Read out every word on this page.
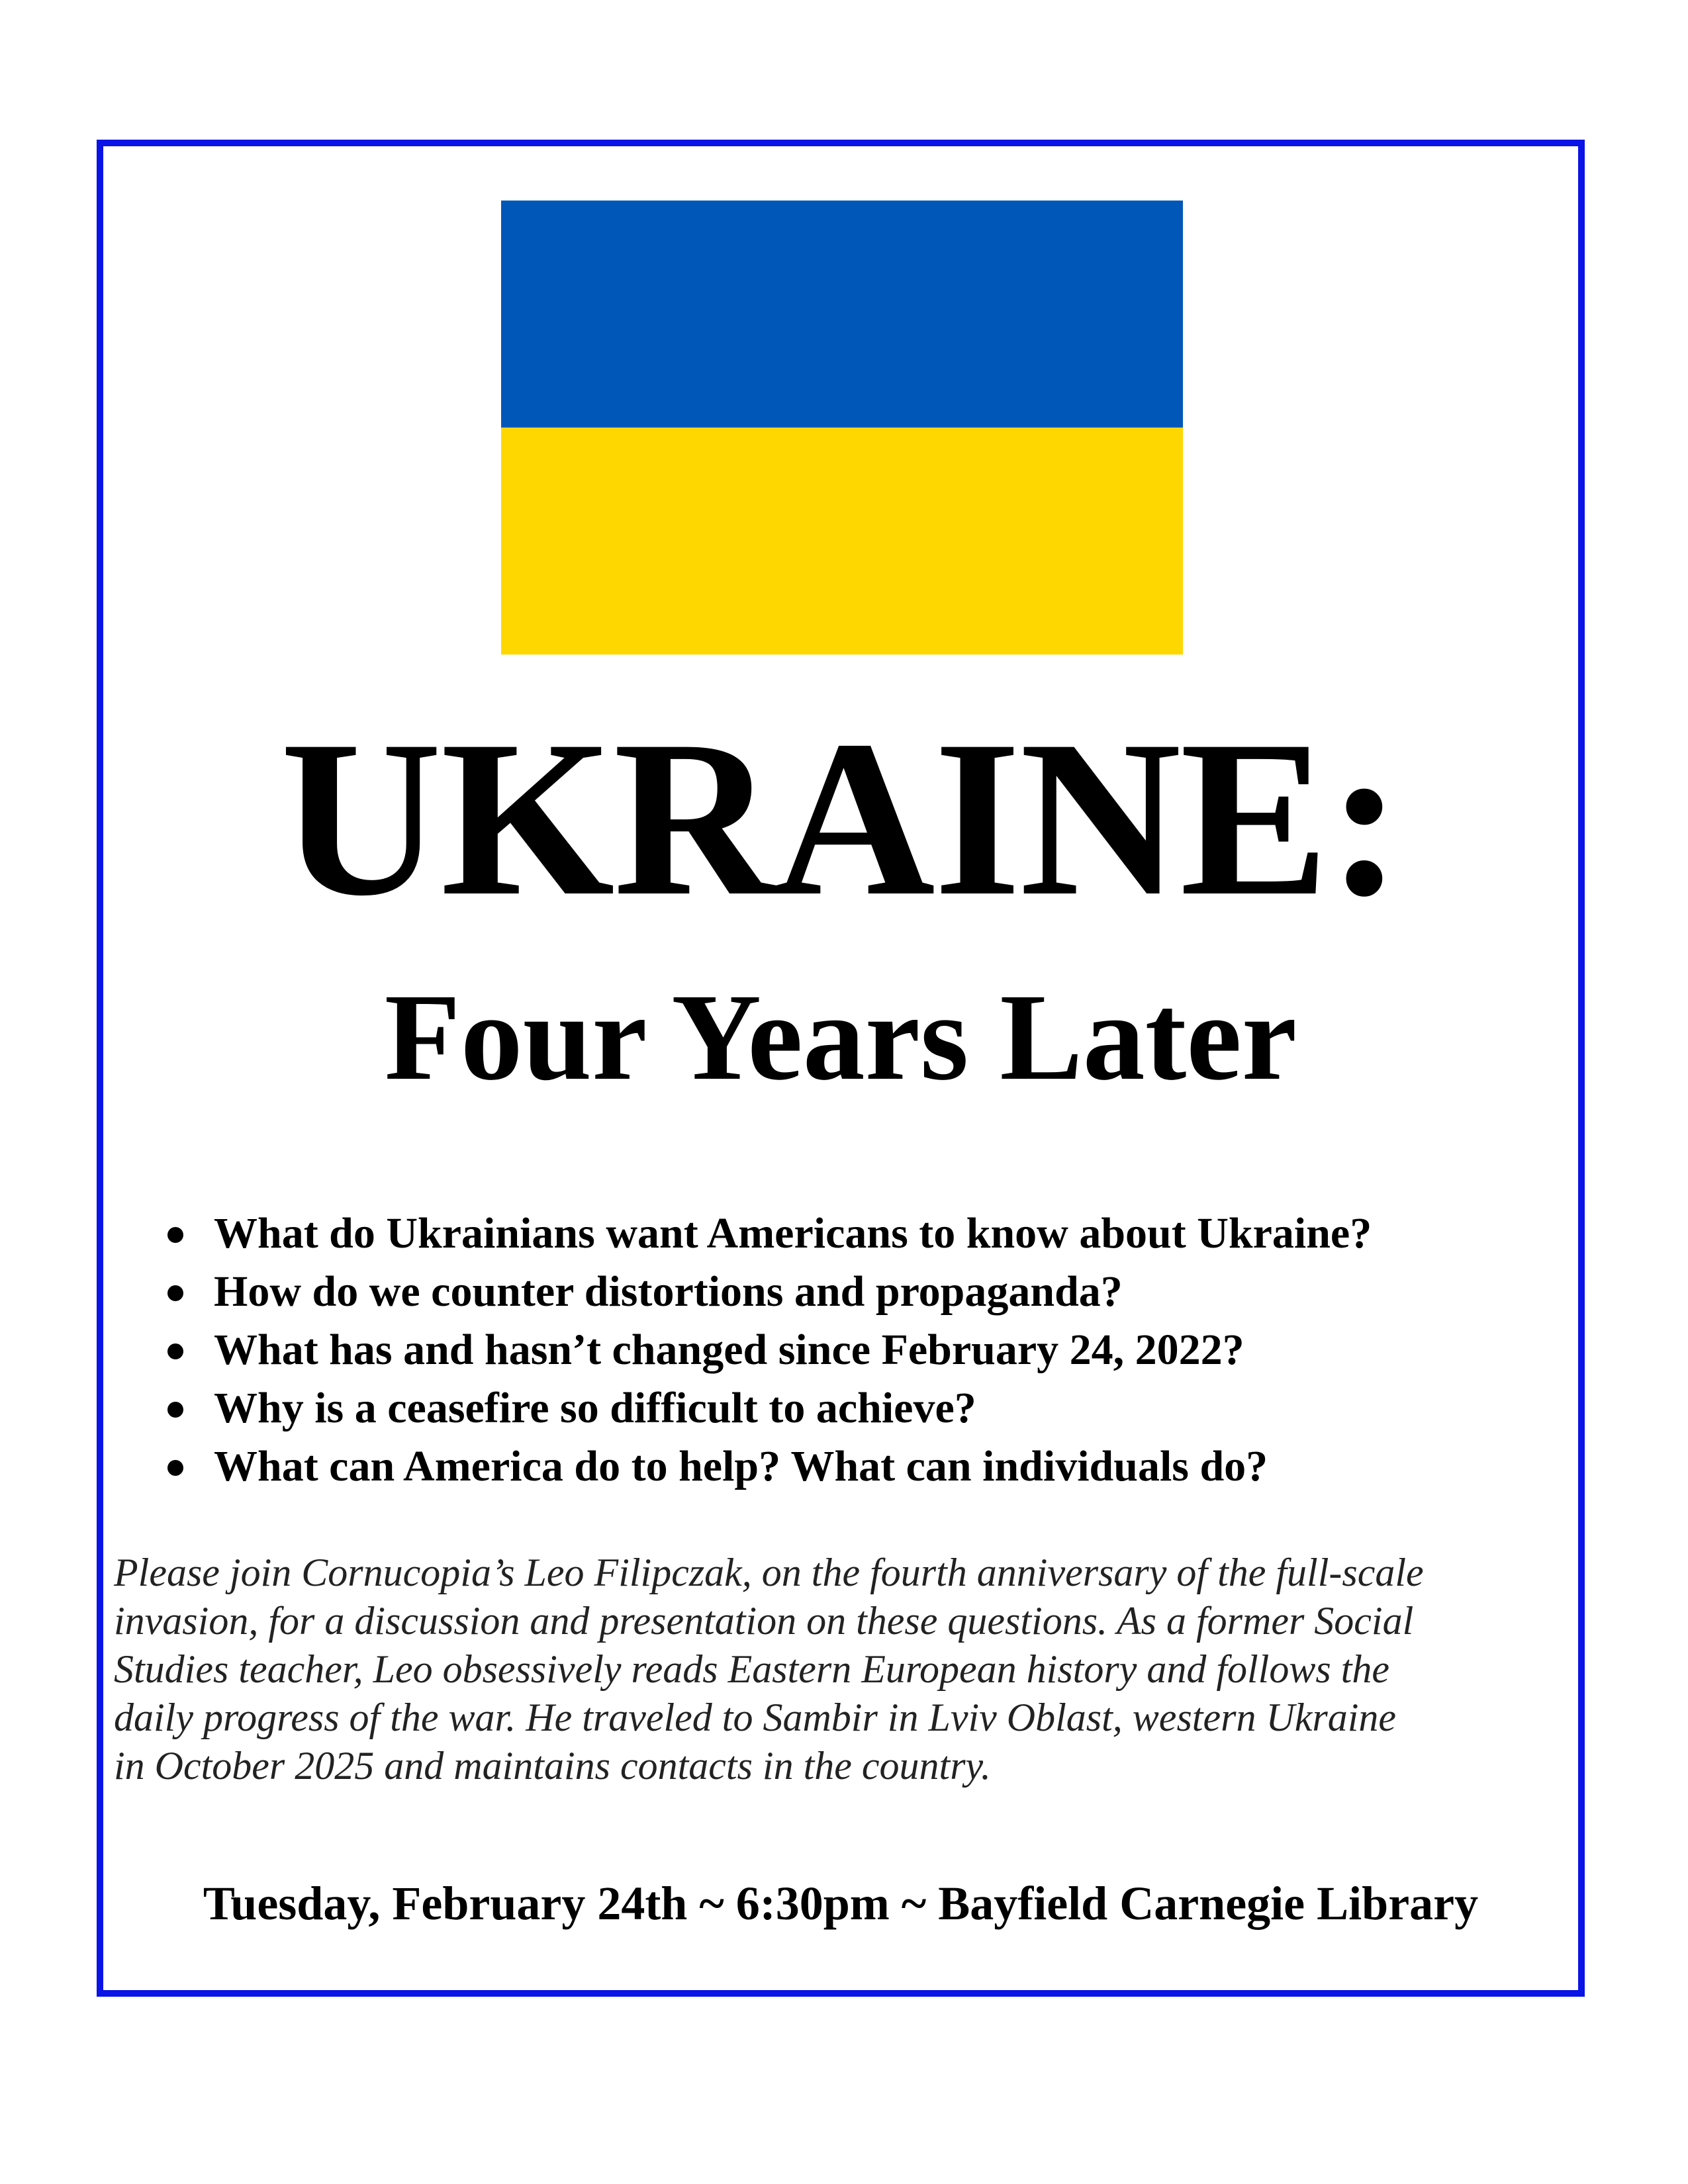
UKRAINE:
Four Years Later
What do Ukrainians want Americans to know about Ukraine?
How do we counter distortions and propaganda?
What has and hasn’t changed since February 24, 2022?
Why is a ceasefire so difficult to achieve?
What can America do to help? What can individuals do?

Please join Cornucopia’s Leo Filipczak, on the fourth anniversary of the full-scale
invasion, for a discussion and presentation on these questions. As a former Social
Studies teacher, Leo obsessively reads Eastern European history and follows the
daily progress of the war. He traveled to Sambir in Lviv Oblast, western Ukraine
in October 2025 and maintains contacts in the country.

Tuesday, February 24th ~ 6:30pm ~ Bayfield Carnegie Library
